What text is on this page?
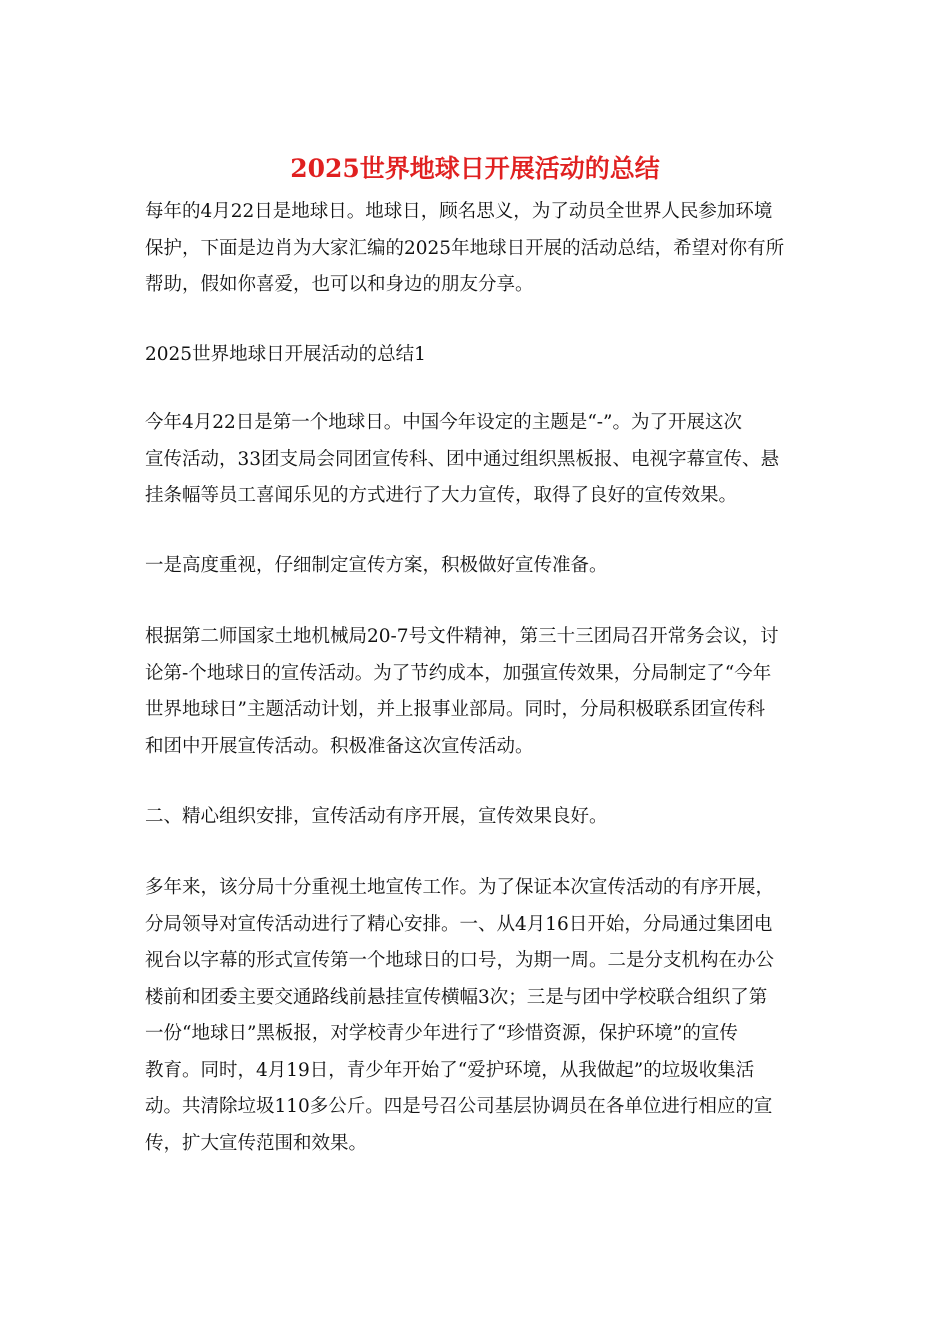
2025世界地球日开展活动的总结

每年的4月22日是地球日。地球日，顾名思义，为了动员全世界人民参加环境
保护，下面是边肖为大家汇编的2025年地球日开展的活动总结，希望对你有所
帮助，假如你喜爱，也可以和身边的朋友分享。

2025世界地球日开展活动的总结1

今年4月22日是第一个地球日。中国今年设定的主题是“-”。为了开展这次
宣传活动，33团支局会同团宣传科、团中通过组织黑板报、电视字幕宣传、悬
挂条幅等员工喜闻乐见的方式进行了大力宣传，取得了良好的宣传效果。

一是高度重视，仔细制定宣传方案，积极做好宣传准备。

根据第二师国家土地机械局20-7号文件精神，第三十三团局召开常务会议，讨
论第-个地球日的宣传活动。为了节约成本，加强宣传效果，分局制定了“今年
世界地球日”主题活动计划，并上报事业部局。同时，分局积极联系团宣传科
和团中开展宣传活动。积极准备这次宣传活动。

二、精心组织安排，宣传活动有序开展，宣传效果良好。

多年来，该分局十分重视土地宣传工作。为了保证本次宣传活动的有序开展，
分局领导对宣传活动进行了精心安排。一、从4月16日开始，分局通过集团电
视台以字幕的形式宣传第一个地球日的口号，为期一周。二是分支机构在办公
楼前和团委主要交通路线前悬挂宣传横幅3次；三是与团中学校联合组织了第
一份“地球日”黑板报，对学校青少年进行了“珍惜资源，保护环境”的宣传
教育。同时，4月19日，青少年开始了“爱护环境，从我做起”的垃圾收集活
动。共清除垃圾110多公斤。四是号召公司基层协调员在各单位进行相应的宣
传，扩大宣传范围和效果。
